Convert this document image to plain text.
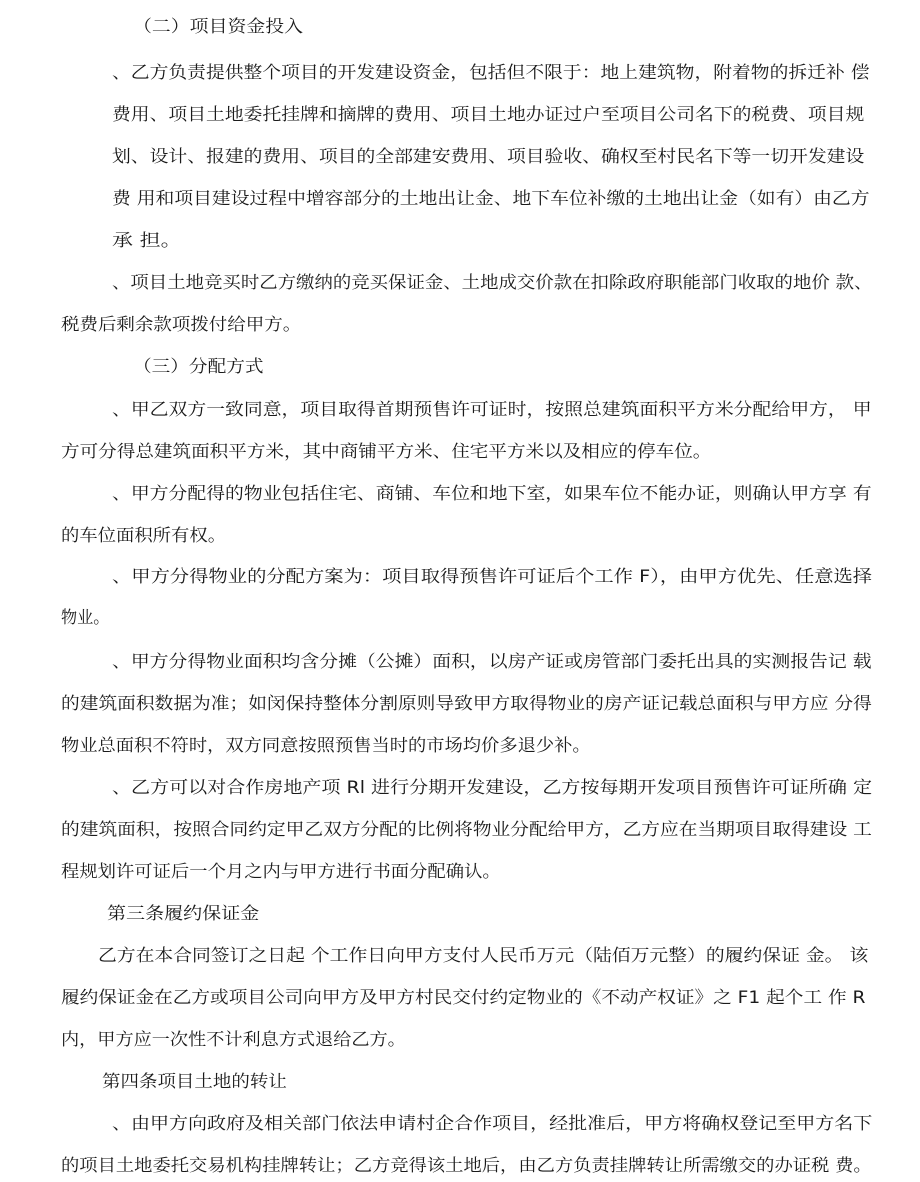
（二）项目资金投入
、乙方负责提供整个项目的开发建设资金，包括但不限于：地上建筑物，附着物的拆迁补 偿
费用、项目土地委托挂牌和摘牌的费用、项目土地办证过户至项目公司名下的税费、项目规
划、设计、报建的费用、项目的全部建安费用、项目验收、确权至村民名下等一切开发建设
费 用和项目建设过程中增容部分的土地出让金、地下车位补缴的土地出让金（如有）由乙方
承 担。
、项目土地竞买时乙方缴纳的竞买保证金、土地成交价款在扣除政府职能部门收取的地价 款、
税费后剩余款项拨付给甲方。
（三）分配方式
、甲乙双方一致同意，项目取得首期预售许可证时，按照总建筑面积平方米分配给甲方， 甲
方可分得总建筑面积平方米，其中商铺平方米、住宅平方米以及相应的停车位。
、甲方分配得的物业包括住宅、商铺、车位和地下室，如果车位不能办证，则确认甲方享 有
的车位面积所有权。
、甲方分得物业的分配方案为：项目取得预售许可证后个工作 F），由甲方优先、任意选择
物业。
、甲方分得物业面积均含分摊（公摊）面积，以房产证或房管部门委托出具的实测报告记 载
的建筑面积数据为准；如闵保持整体分割原则导致甲方取得物业的房产证记载总面积与甲方应 分得
物业总面积不符时，双方同意按照预售当时的市场均价多退少补。
、乙方可以对合作房地产项 Rl 进行分期开发建设，乙方按每期开发项目预售许可证所确 定
的建筑面积，按照合同约定甲乙双方分配的比例将物业分配给甲方，乙方应在当期项目取得建设 工
程规划许可证后一个月之内与甲方进行书面分配确认。
第三条履约保证金
乙方在本合同签订之日起 个工作日向甲方支付人民币万元（陆佰万元整）的履约保证 金。 该
履约保证金在乙方或项目公司向甲方及甲方村民交付约定物业的《不动产权证》之 F1 起个工 作 R
内，甲方应一次性不计利息方式退给乙方。
第四条项目土地的转让
、由甲方向政府及相关部门依法申请村企合作项目，经批准后，甲方将确权登记至甲方名下
的项目土地委托交易机构挂牌转让；乙方竞得该土地后，由乙方负责挂牌转让所需缴交的办证税 费。
